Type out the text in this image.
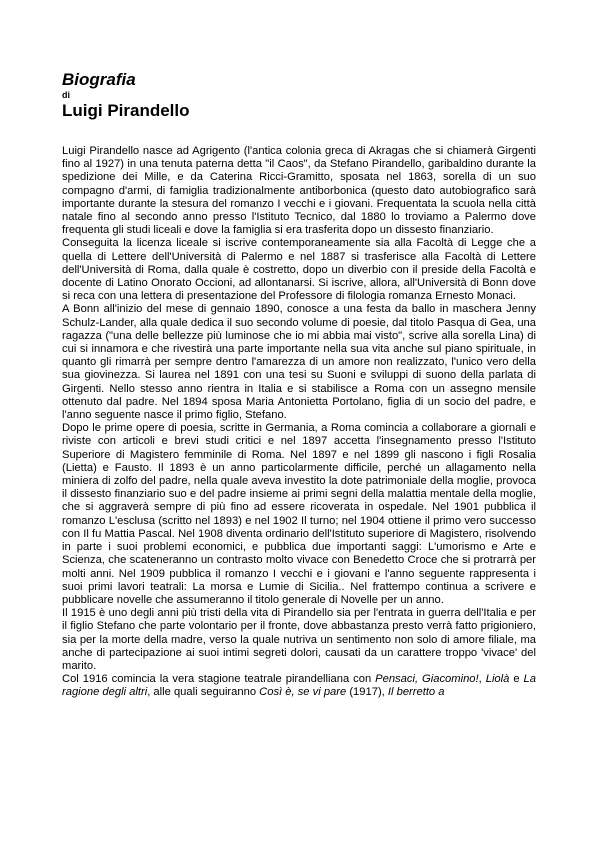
Biografia
di
Luigi Pirandello

Luigi Pirandello nasce ad Agrigento (l'antica colonia greca di Akragas che si chiamerà Girgenti fino al 1927) in una tenuta paterna detta "il Caos", da Stefano Pirandello, garibaldino durante la spedizione dei Mille, e da Caterina Ricci-Gramitto, sposata nel 1863, sorella di un suo compagno d'armi, di famiglia tradizionalmente antiborbonica (questo dato autobiografico sarà importante durante la stesura del romanzo I vecchi e i giovani. Frequentata la scuola nella città natale fino al secondo anno presso l'Istituto Tecnico, dal 1880 lo troviamo a Palermo dove frequenta gli studi liceali e dove la famiglia si era trasferita dopo un dissesto finanziario.

Conseguita la licenza liceale si iscrive contemporaneamente sia alla Facoltà di Legge che a quella di Lettere dell'Università di Palermo e nel 1887 si trasferisce alla Facoltà di Lettere dell'Università di Roma, dalla quale è costretto, dopo un diverbio con il preside della Facoltà e docente di Latino Onorato Occioni, ad allontanarsi. Si iscrive, allora, all'Università di Bonn dove si reca con una lettera di presentazione del Professore di filologia romanza Ernesto Monaci.

A Bonn all'inizio del mese di gennaio 1890, conosce a una festa da ballo in maschera Jenny Schulz-Lander, alla quale dedica il suo secondo volume di poesie, dal titolo Pasqua di Gea, una ragazza ("una delle bellezze più luminose che io mi abbia mai visto", scrive alla sorella Lina) di cui si innamora e che rivestirà una parte importante nella sua vita anche sul piano spirituale, in quanto gli rimarrà per sempre dentro l'amarezza di un amore non realizzato, l'unico vero della sua giovinezza. Si laurea nel 1891 con una tesi su Suoni e sviluppi di suono della parlata di Girgenti. Nello stesso anno rientra in Italia e si stabilisce a Roma con un assegno mensile ottenuto dal padre. Nel 1894 sposa Maria Antonietta Portolano, figlia di un socio del padre, e l'anno seguente nasce il primo figlio, Stefano.

Dopo le prime opere di poesia, scritte in Germania, a Roma comincia a collaborare a giornali e riviste con articoli e brevi studi critici e nel 1897 accetta l'insegnamento presso l'Istituto Superiore di Magistero femminile di Roma. Nel 1897 e nel 1899 gli nascono i figli Rosalia (Lietta) e Fausto. Il 1893 è un anno particolarmente difficile, perché un allagamento nella miniera di zolfo del padre, nella quale aveva investito la dote patrimoniale della moglie, provoca il dissesto finanziario suo e del padre insieme ai primi segni della malattia mentale della moglie, che si aggraverà sempre di più fino ad essere ricoverata in ospedale. Nel 1901 pubblica il romanzo L'esclusa (scritto nel 1893) e nel 1902 Il turno; nel 1904 ottiene il primo vero successo con Il fu Mattia Pascal. Nel 1908 diventa ordinario dell'Istituto superiore di Magistero, risolvendo in parte i suoi problemi economici, e pubblica due importanti saggi: L'umorismo e Arte e Scienza, che scateneranno un contrasto molto vivace con Benedetto Croce che si protrarrà per molti anni. Nel 1909 pubblica il romanzo I vecchi e i giovani e l'anno seguente rappresenta i suoi primi lavori teatrali: La morsa e Lumie di Sicilia.. Nel frattempo continua a scrivere e pubblicare novelle che assumeranno il titolo generale di Novelle per un anno.

Il 1915 è uno degli anni più tristi della vita di Pirandello sia per l'entrata in guerra dell'Italia e per il figlio Stefano che parte volontario per il fronte, dove abbastanza presto verrà fatto prigioniero, sia per la morte della madre, verso la quale nutriva un sentimento non solo di amore filiale, ma anche di partecipazione ai suoi intimi segreti dolori, causati da un carattere troppo 'vivace' del marito.

Col 1916 comincia la vera stagione teatrale pirandelliana con Pensaci, Giacomino!, Liolà e La ragione degli altri, alle quali seguiranno Così è, se vi pare (1917), Il berretto a
